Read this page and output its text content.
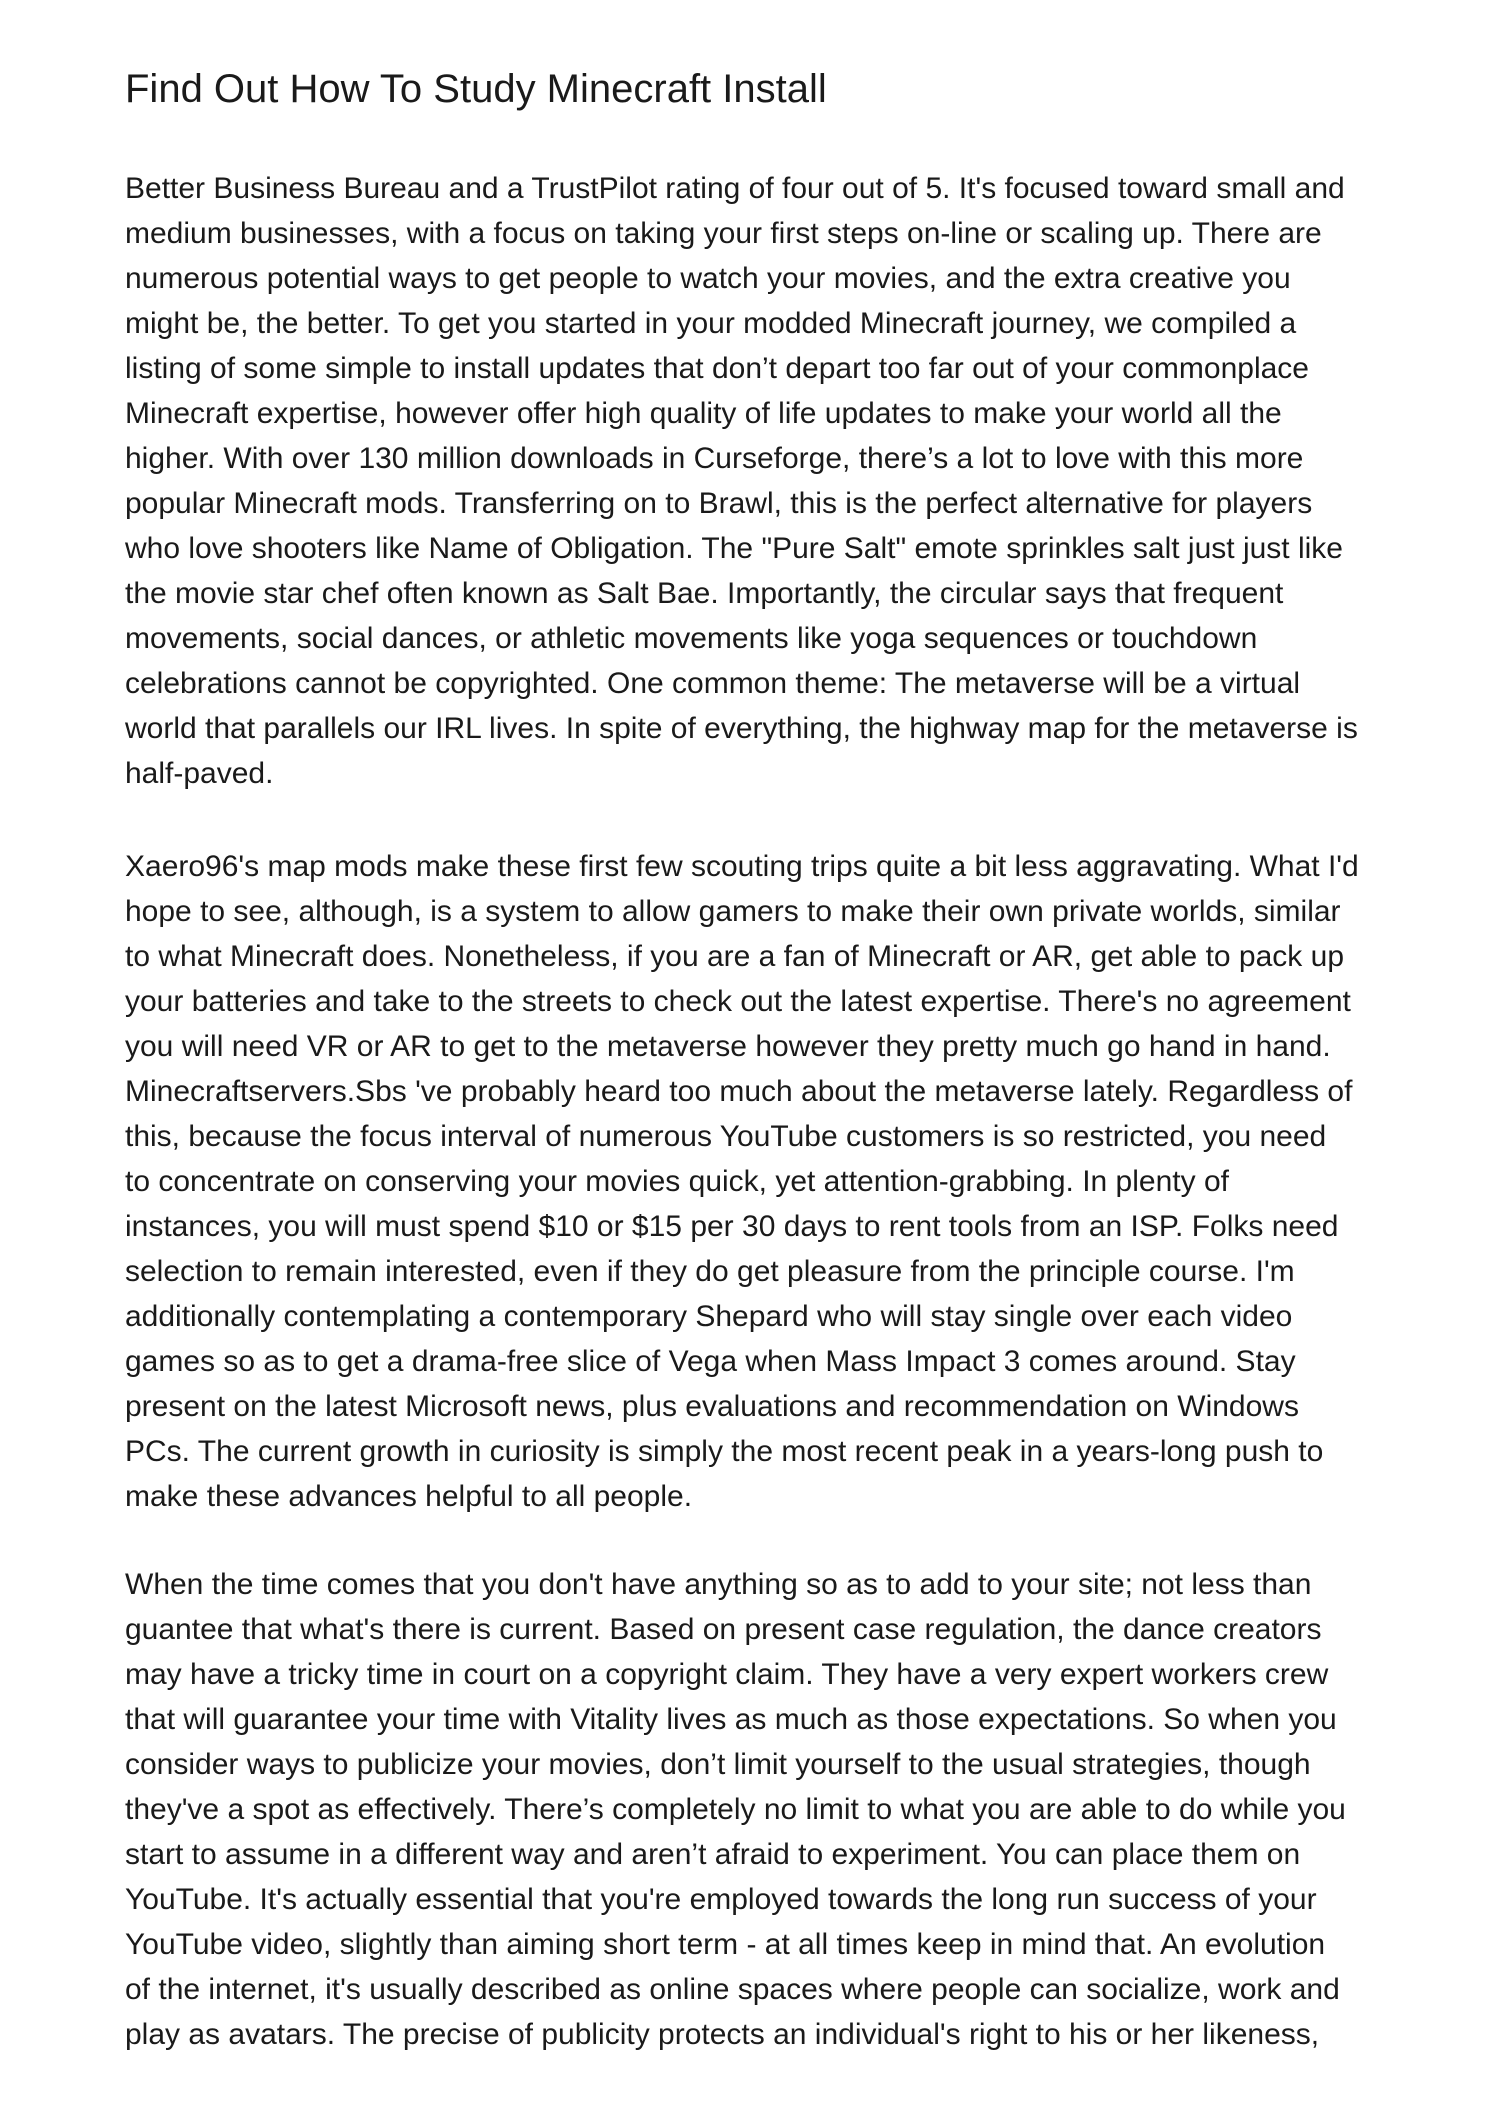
Find Out How To Study Minecraft Install
Better Business Bureau and a TrustPilot rating of four out of 5. It's focused toward small and
medium businesses, with a focus on taking your first steps on-line or scaling up. There are
numerous potential ways to get people to watch your movies, and the extra creative you
might be, the better. To get you started in your modded Minecraft journey, we compiled a
listing of some simple to install updates that don’t depart too far out of your commonplace
Minecraft expertise, however offer high quality of life updates to make your world all the
higher. With over 130 million downloads in Curseforge, there’s a lot to love with this more
popular Minecraft mods. Transferring on to Brawl, this is the perfect alternative for players
who love shooters like Name of Obligation. The "Pure Salt" emote sprinkles salt just just like
the movie star chef often known as Salt Bae. Importantly, the circular says that frequent
movements, social dances, or athletic movements like yoga sequences or touchdown
celebrations cannot be copyrighted. One common theme: The metaverse will be a virtual
world that parallels our IRL lives. In spite of everything, the highway map for the metaverse is
half-paved.
Xaero96's map mods make these first few scouting trips quite a bit less aggravating. What I'd
hope to see, although, is a system to allow gamers to make their own private worlds, similar
to what Minecraft does. Nonetheless, if you are a fan of Minecraft or AR, get able to pack up
your batteries and take to the streets to check out the latest expertise. There's no agreement
you will need VR or AR to get to the metaverse however they pretty much go hand in hand.
Minecraftservers.Sbs 've probably heard too much about the metaverse lately. Regardless of
this, because the focus interval of numerous YouTube customers is so restricted, you need
to concentrate on conserving your movies quick, yet attention-grabbing. In plenty of
instances, you will must spend $10 or $15 per 30 days to rent tools from an ISP. Folks need
selection to remain interested, even if they do get pleasure from the principle course. I'm
additionally contemplating a contemporary Shepard who will stay single over each video
games so as to get a drama-free slice of Vega when Mass Impact 3 comes around. Stay
present on the latest Microsoft news, plus evaluations and recommendation on Windows
PCs. The current growth in curiosity is simply the most recent peak in a years-long push to
make these advances helpful to all people.
When the time comes that you don't have anything so as to add to your site; not less than
guantee that what's there is current. Based on present case regulation, the dance creators
may have a tricky time in court on a copyright claim. They have a very expert workers crew
that will guarantee your time with Vitality lives as much as those expectations. So when you
consider ways to publicize your movies, don’t limit yourself to the usual strategies, though
they've a spot as effectively. There’s completely no limit to what you are able to do while you
start to assume in a different way and aren’t afraid to experiment. You can place them on
YouTube. It's actually essential that you're employed towards the long run success of your
YouTube video, slightly than aiming short term - at all times keep in mind that. An evolution
of the internet, it's usually described as online spaces where people can socialize, work and
play as avatars. The precise of publicity protects an individual's right to his or her likeness,
